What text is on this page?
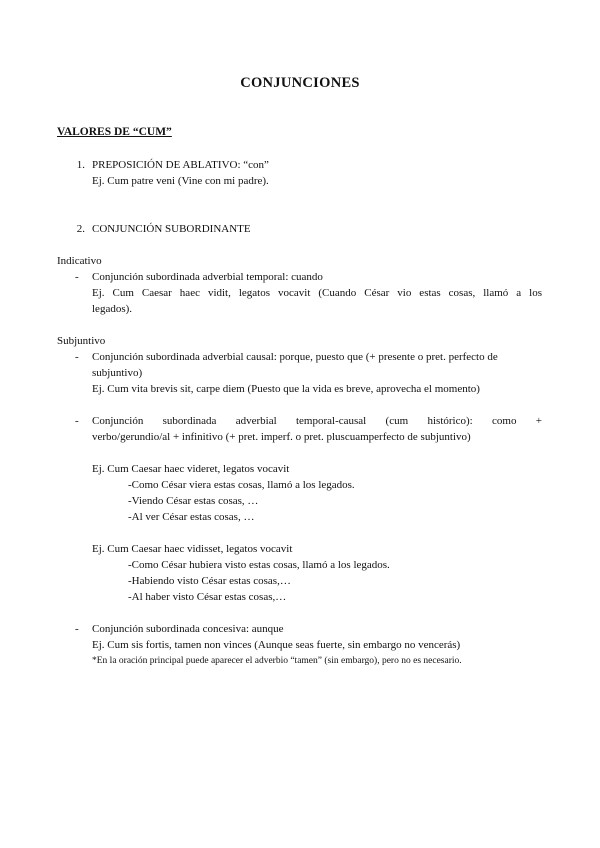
CONJUNCIONES
VALORES DE “CUM”
1. PREPOSICIÓN DE ABLATIVO: “con”
Ej. Cum patre veni (Vine con mi padre).
2. CONJUNCIÓN SUBORDINANTE
Indicativo
-	Conjunción subordinada adverbial temporal: cuando
Ej. Cum Caesar haec vidit, legatos vocavit (Cuando César vio estas cosas, llamó a los
legados).
Subjuntivo
-	Conjunción subordinada adverbial causal: porque, puesto que (+ presente o pret. perfecto de
subjuntivo)
Ej. Cum vita brevis sit, carpe diem (Puesto que la vida es breve, aprovecha el momento)
-	Conjunción subordinada adverbial temporal-causal (cum histórico): como +
verbo/gerundio/al + infinitivo (+ pret. imperf. o pret. pluscuamperfecto de subjuntivo)
Ej. Cum Caesar haec videret, legatos vocavit
-Como César viera estas cosas, llamó a los legados.
-Viendo César estas cosas, …
-Al ver César estas cosas, …
Ej. Cum Caesar haec vidisset, legatos vocavit
-Como César hubiera visto estas cosas, llamó a los legados.
-Habiendo visto César estas cosas,…
-Al haber visto César estas cosas,…
-	Conjunción subordinada concesiva: aunque
Ej. Cum sis fortis, tamen non vinces (Aunque seas fuerte, sin embargo no vencerás)
*En la oración principal puede aparecer el adverbio “tamen” (sin embargo), pero no es necesario.
